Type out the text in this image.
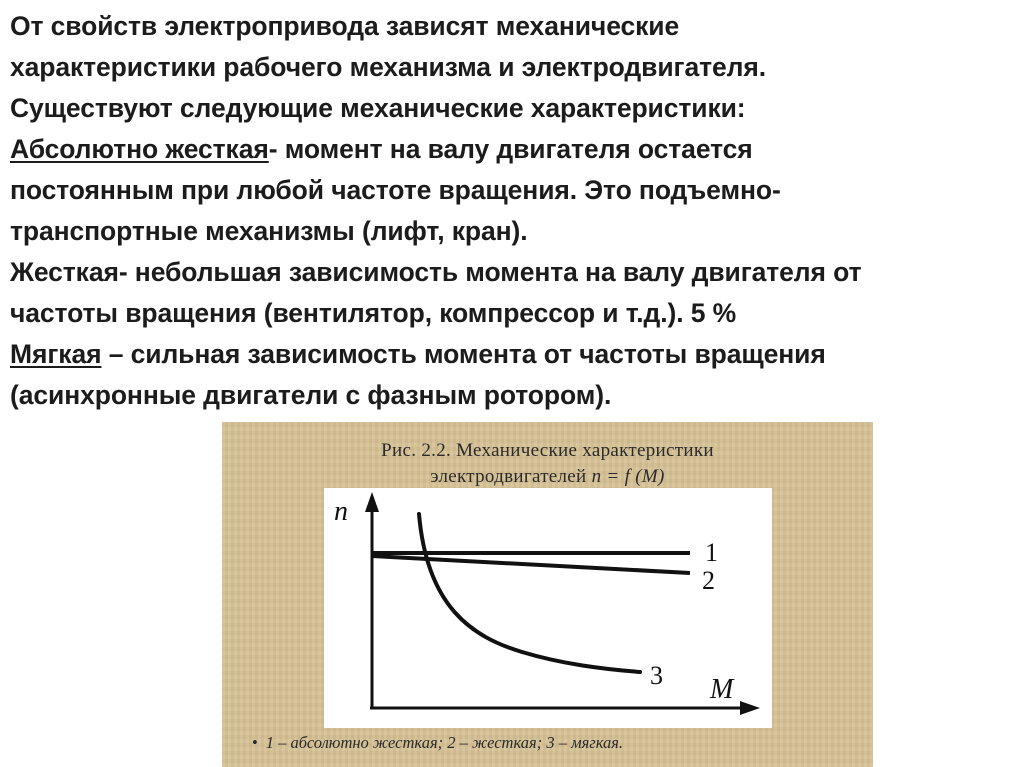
От свойств электропривода зависят механические
характеристики рабочего механизма и электродвигателя.
Существуют следующие механические характеристики:
Абсолютно жесткая- момент на валу двигателя остается
постоянным при любой частоте вращения. Это подъемно-
транспортные механизмы (лифт, кран).
Жесткая- небольшая зависимость момента на валу двигателя от
частоты вращения (вентилятор, компрессор и т.д.). 5 %
Мягкая – сильная зависимость момента от частоты вращения
(асинхронные двигатели с фазным ротором).
Рис. 2.2. Механические характеристики
электродвигателей n = f (M)
n
M
1
2
3
• 1 – абсолютно жесткая; 2 – жесткая; 3 – мягкая.
